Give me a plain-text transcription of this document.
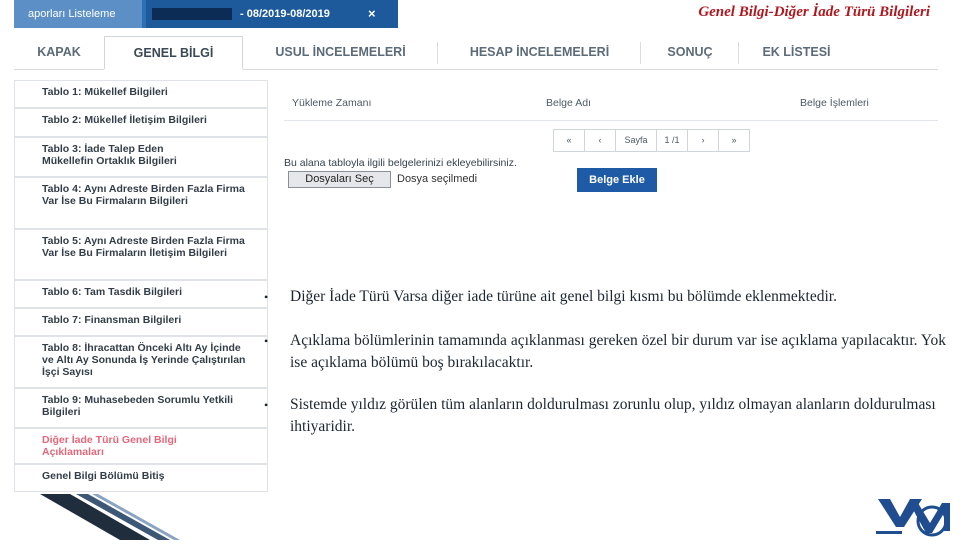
aporları Listeleme	- 08/2019-08/2019	×	Genel Bilgi-Diğer İade Türü Bilgileri
KAPAK	GENEL BİLGİ	USUL İNCELEMELERİ	HESAP İNCELEMELERİ	SONUÇ	EK LİSTESİ
Tablo 1: Mükellef Bilgileri
Tablo 2: Mükellef İletişim Bilgileri
Tablo 3: İade Talep Eden Mükellefin Ortaklık Bilgileri
Tablo 4: Aynı Adreste Birden Fazla Firma Var İse Bu Firmaların Bilgileri
Tablo 5: Aynı Adreste Birden Fazla Firma Var İse Bu Firmaların İletişim Bilgileri
Tablo 6: Tam Tasdik Bilgileri
Tablo 7: Finansman Bilgileri
Tablo 8: İhracattan Önceki Altı Ay İçinde ve Altı Ay Sonunda İş Yerinde Çalıştırılan İşçi Sayısı
Tablo 9: Muhasebeden Sorumlu Yetkili Bilgileri
Diğer İade Türü Genel Bilgi Açıklamaları
Genel Bilgi Bölümü Bitiş
Yükleme Zamanı	Belge Adı	Belge İşlemleri
«	‹	Sayfa	1 /1	›	»
Bu alana tabloyla ilgili belgelerinizi ekleyebilirsiniz.
Dosyaları Seç	Dosya seçilmedi	Belge Ekle
• Diğer İade Türü Varsa diğer iade türüne ait genel bilgi kısmı bu bölümde eklenmektedir.
• Açıklama bölümlerinin tamamında açıklanması gereken özel bir durum var ise açıklama yapılacaktır. Yok ise açıklama bölümü boş bırakılacaktır.
• Sistemde yıldız görülen tüm alanların doldurulması zorunlu olup, yıldız olmayan alanların doldurulması ihtiyaridir.
